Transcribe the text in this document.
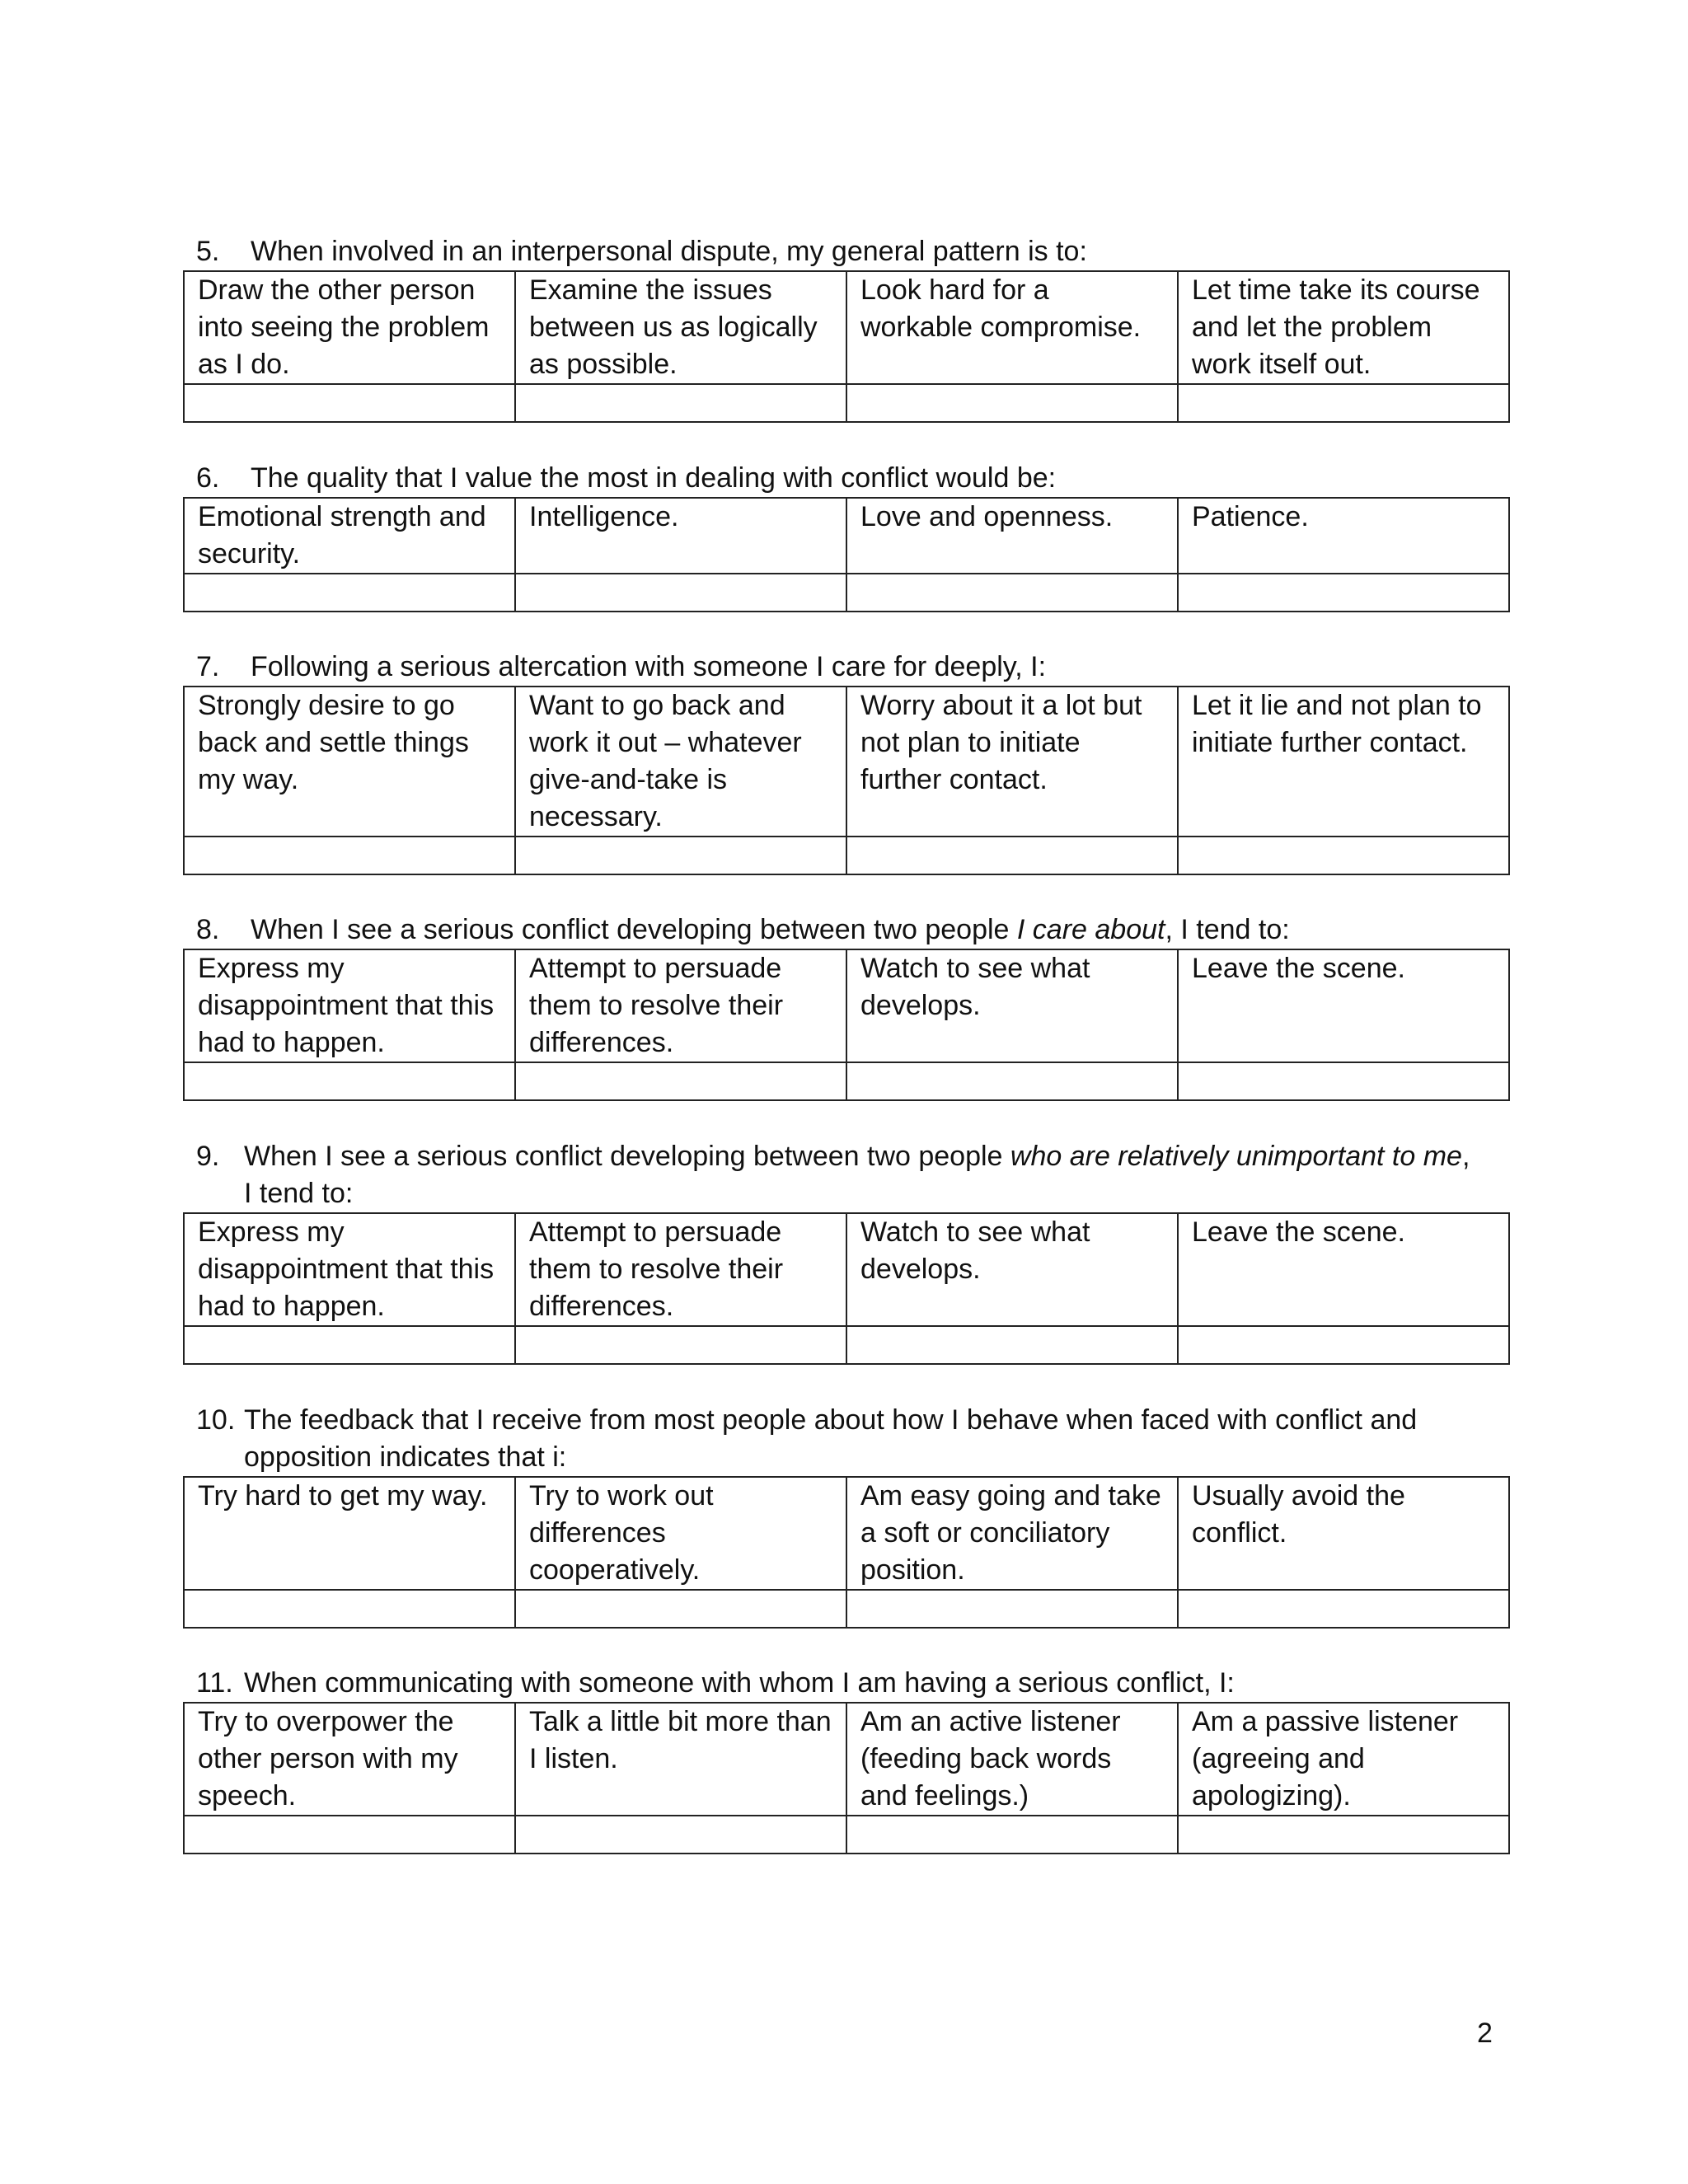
5. When involved in an interpersonal dispute, my general pattern is to:
Draw the other person into seeing the problem as I do.	Examine the issues between us as logically as possible.	Look hard for a workable compromise.	Let time take its course and let the problem work itself out.

6. The quality that I value the most in dealing with conflict would be:
Emotional strength and security.	Intelligence.	Love and openness.	Patience.

7. Following a serious altercation with someone I care for deeply, I:
Strongly desire to go back and settle things my way.	Want to go back and work it out – whatever give-and-take is necessary.	Worry about it a lot but not plan to initiate further contact.	Let it lie and not plan to initiate further contact.

8. When I see a serious conflict developing between two people I care about, I tend to:
Express my disappointment that this had to happen.	Attempt to persuade them to resolve their differences.	Watch to see what develops.	Leave the scene.

9. When I see a serious conflict developing between two people who are relatively unimportant to me,
I tend to:
Express my disappointment that this had to happen.	Attempt to persuade them to resolve their differences.	Watch to see what develops.	Leave the scene.

10. The feedback that I receive from most people about how I behave when faced with conflict and
opposition indicates that i:
Try hard to get my way.	Try to work out differences cooperatively.	Am easy going and take a soft or conciliatory position.	Usually avoid the conflict.

11. When communicating with someone with whom I am having a serious conflict, I:
Try to overpower the other person with my speech.	Talk a little bit more than I listen.	Am an active listener (feeding back words and feelings.)	Am a passive listener (agreeing and apologizing).

2
